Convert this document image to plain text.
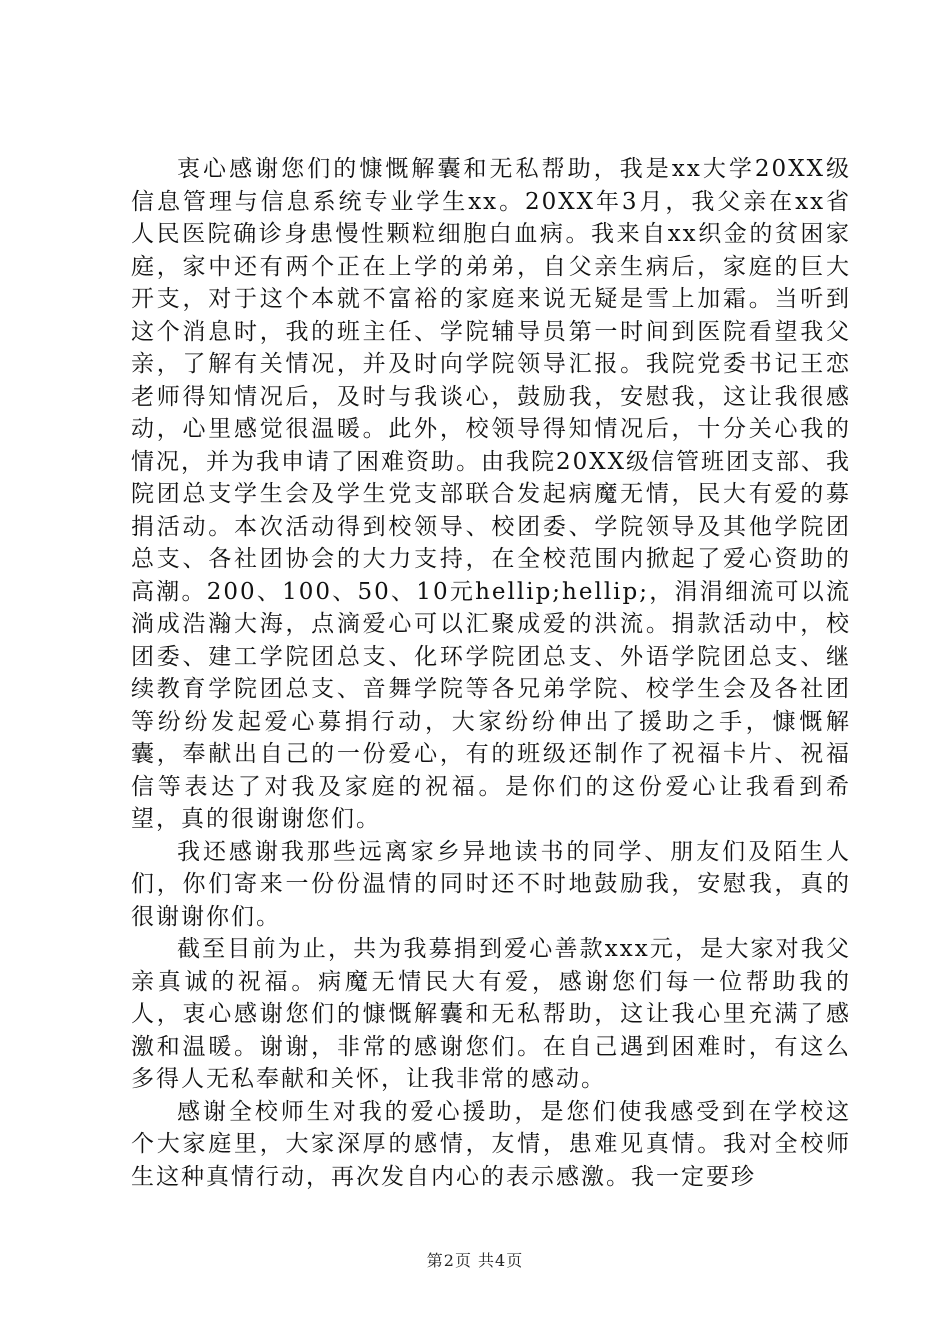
衷心感谢您们的慷慨解囊和无私帮助，我是xx大学20XX级信息管理与信息系统专业学生xx。20XX年3月，我父亲在xx省人民医院确诊身患慢性颗粒细胞白血病。我来自xx织金的贫困家庭，家中还有两个正在上学的弟弟，自父亲生病后，家庭的巨大开支，对于这个本就不富裕的家庭来说无疑是雪上加霜。当听到这个消息时，我的班主任、学院辅导员第一时间到医院看望我父亲，了解有关情况，并及时向学院领导汇报。我院党委书记王恋老师得知情况后，及时与我谈心，鼓励我，安慰我，这让我很感动，心里感觉很温暖。此外，校领导得知情况后，十分关心我的情况，并为我申请了困难资助。由我院20XX级信管班团支部、我院团总支学生会及学生党支部联合发起病魔无情，民大有爱的募捐活动。本次活动得到校领导、校团委、学院领导及其他学院团总支、各社团协会的大力支持，在全校范围内掀起了爱心资助的高潮。200、100、50、10元hellip;hellip;，涓涓细流可以流淌成浩瀚大海，点滴爱心可以汇聚成爱的洪流。捐款活动中，校团委、建工学院团总支、化环学院团总支、外语学院团总支、继续教育学院团总支、音舞学院等各兄弟学院、校学生会及各社团等纷纷发起爱心募捐行动，大家纷纷伸出了援助之手，慷慨解囊，奉献出自己的一份爱心，有的班级还制作了祝福卡片、祝福信等表达了对我及家庭的祝福。是你们的这份爱心让我看到希望，真的很谢谢您们。

我还感谢我那些远离家乡异地读书的同学、朋友们及陌生人们，你们寄来一份份温情的同时还不时地鼓励我，安慰我，真的很谢谢你们。

截至目前为止，共为我募捐到爱心善款xxx元，是大家对我父亲真诚的祝福。病魔无情民大有爱，感谢您们每一位帮助我的人，衷心感谢您们的慷慨解囊和无私帮助，这让我心里充满了感激和温暖。谢谢，非常的感谢您们。在自己遇到困难时，有这么多得人无私奉献和关怀，让我非常的感动。

感谢全校师生对我的爱心援助，是您们使我感受到在学校这个大家庭里，大家深厚的感情，友情，患难见真情。我对全校师生这种真情行动，再次发自内心的表示感激。我一定要珍

第2页 共4页
